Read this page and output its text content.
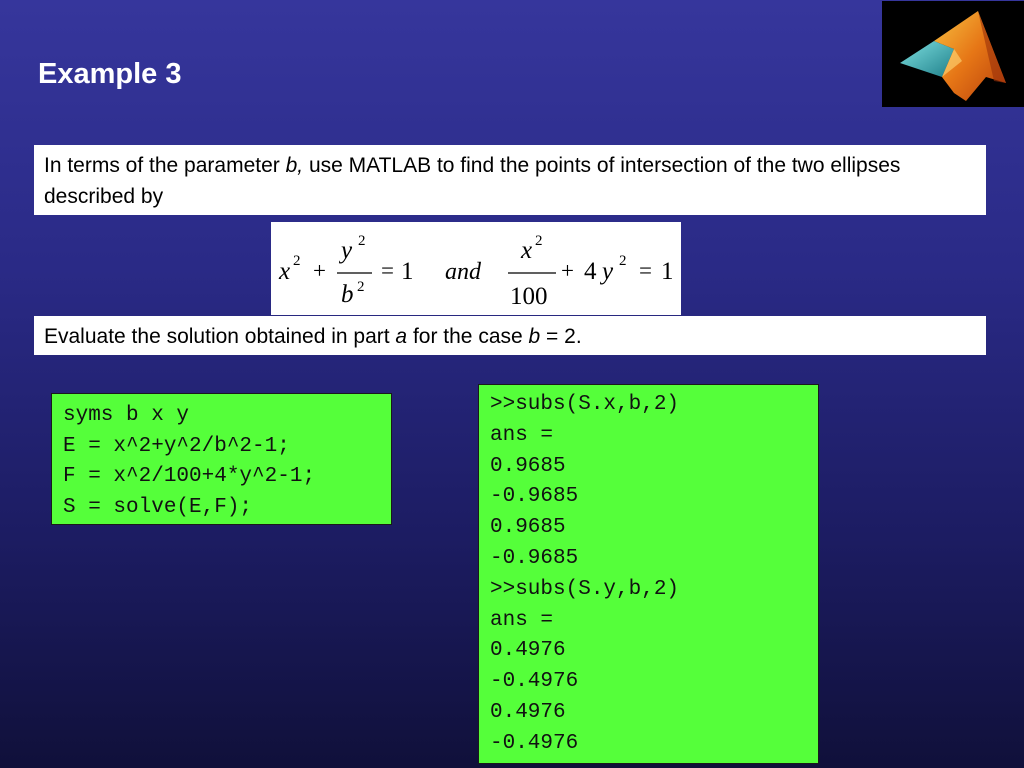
Example 3
In terms of the parameter b, use MATLAB to find the points of intersection of the two ellipses described by
x 2 +
y 2
b 2
= 1 and
x 2
100
+ 4 y 2 = 1
Evaluate the solution obtained in part a for the case b = 2.
syms b x y
E = x^2+y^2/b^2-1;
F = x^2/100+4*y^2-1;
S = solve(E,F);
>>subs(S.x,b,2)
ans =
0.9685
-0.9685
0.9685
-0.9685
>>subs(S.y,b,2)
ans =
0.4976
-0.4976
0.4976
-0.4976
